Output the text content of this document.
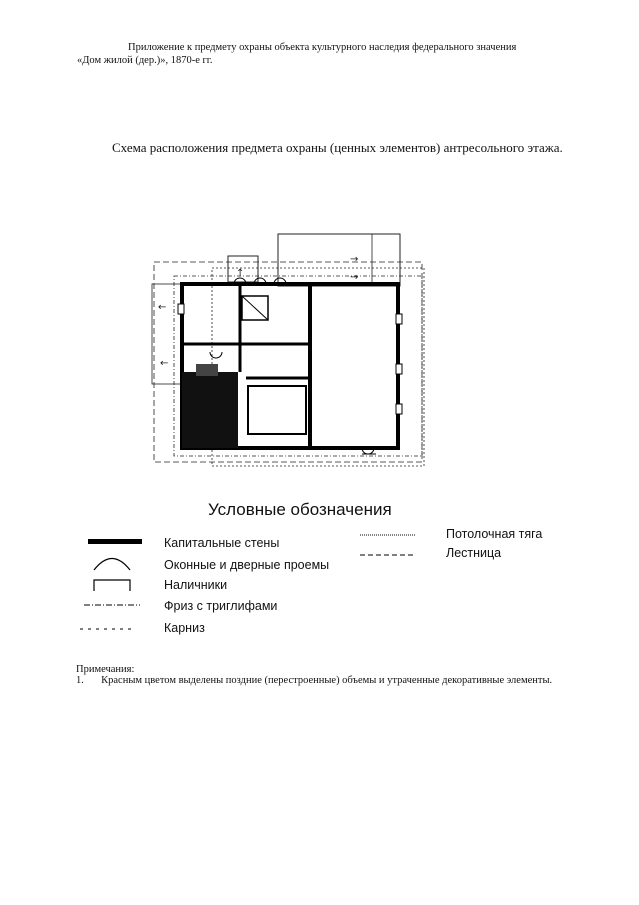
Приложение к предмету охраны объекта культурного наследия федерального значения
«Дом жилой (дер.)», 1870-е гг.
Схема расположения предмета охраны (ценных элементов) антресольного этажа.
↑
→
→
←
←
Условные обозначения
Капитальные стены
Оконные и дверные проемы
Наличники
Фриз с триглифами
Карниз
Потолочная тяга
Лестница
Примечания:
1. Красным цветом выделены поздние (перестроенные) объемы и утраченные декоративные элементы.
